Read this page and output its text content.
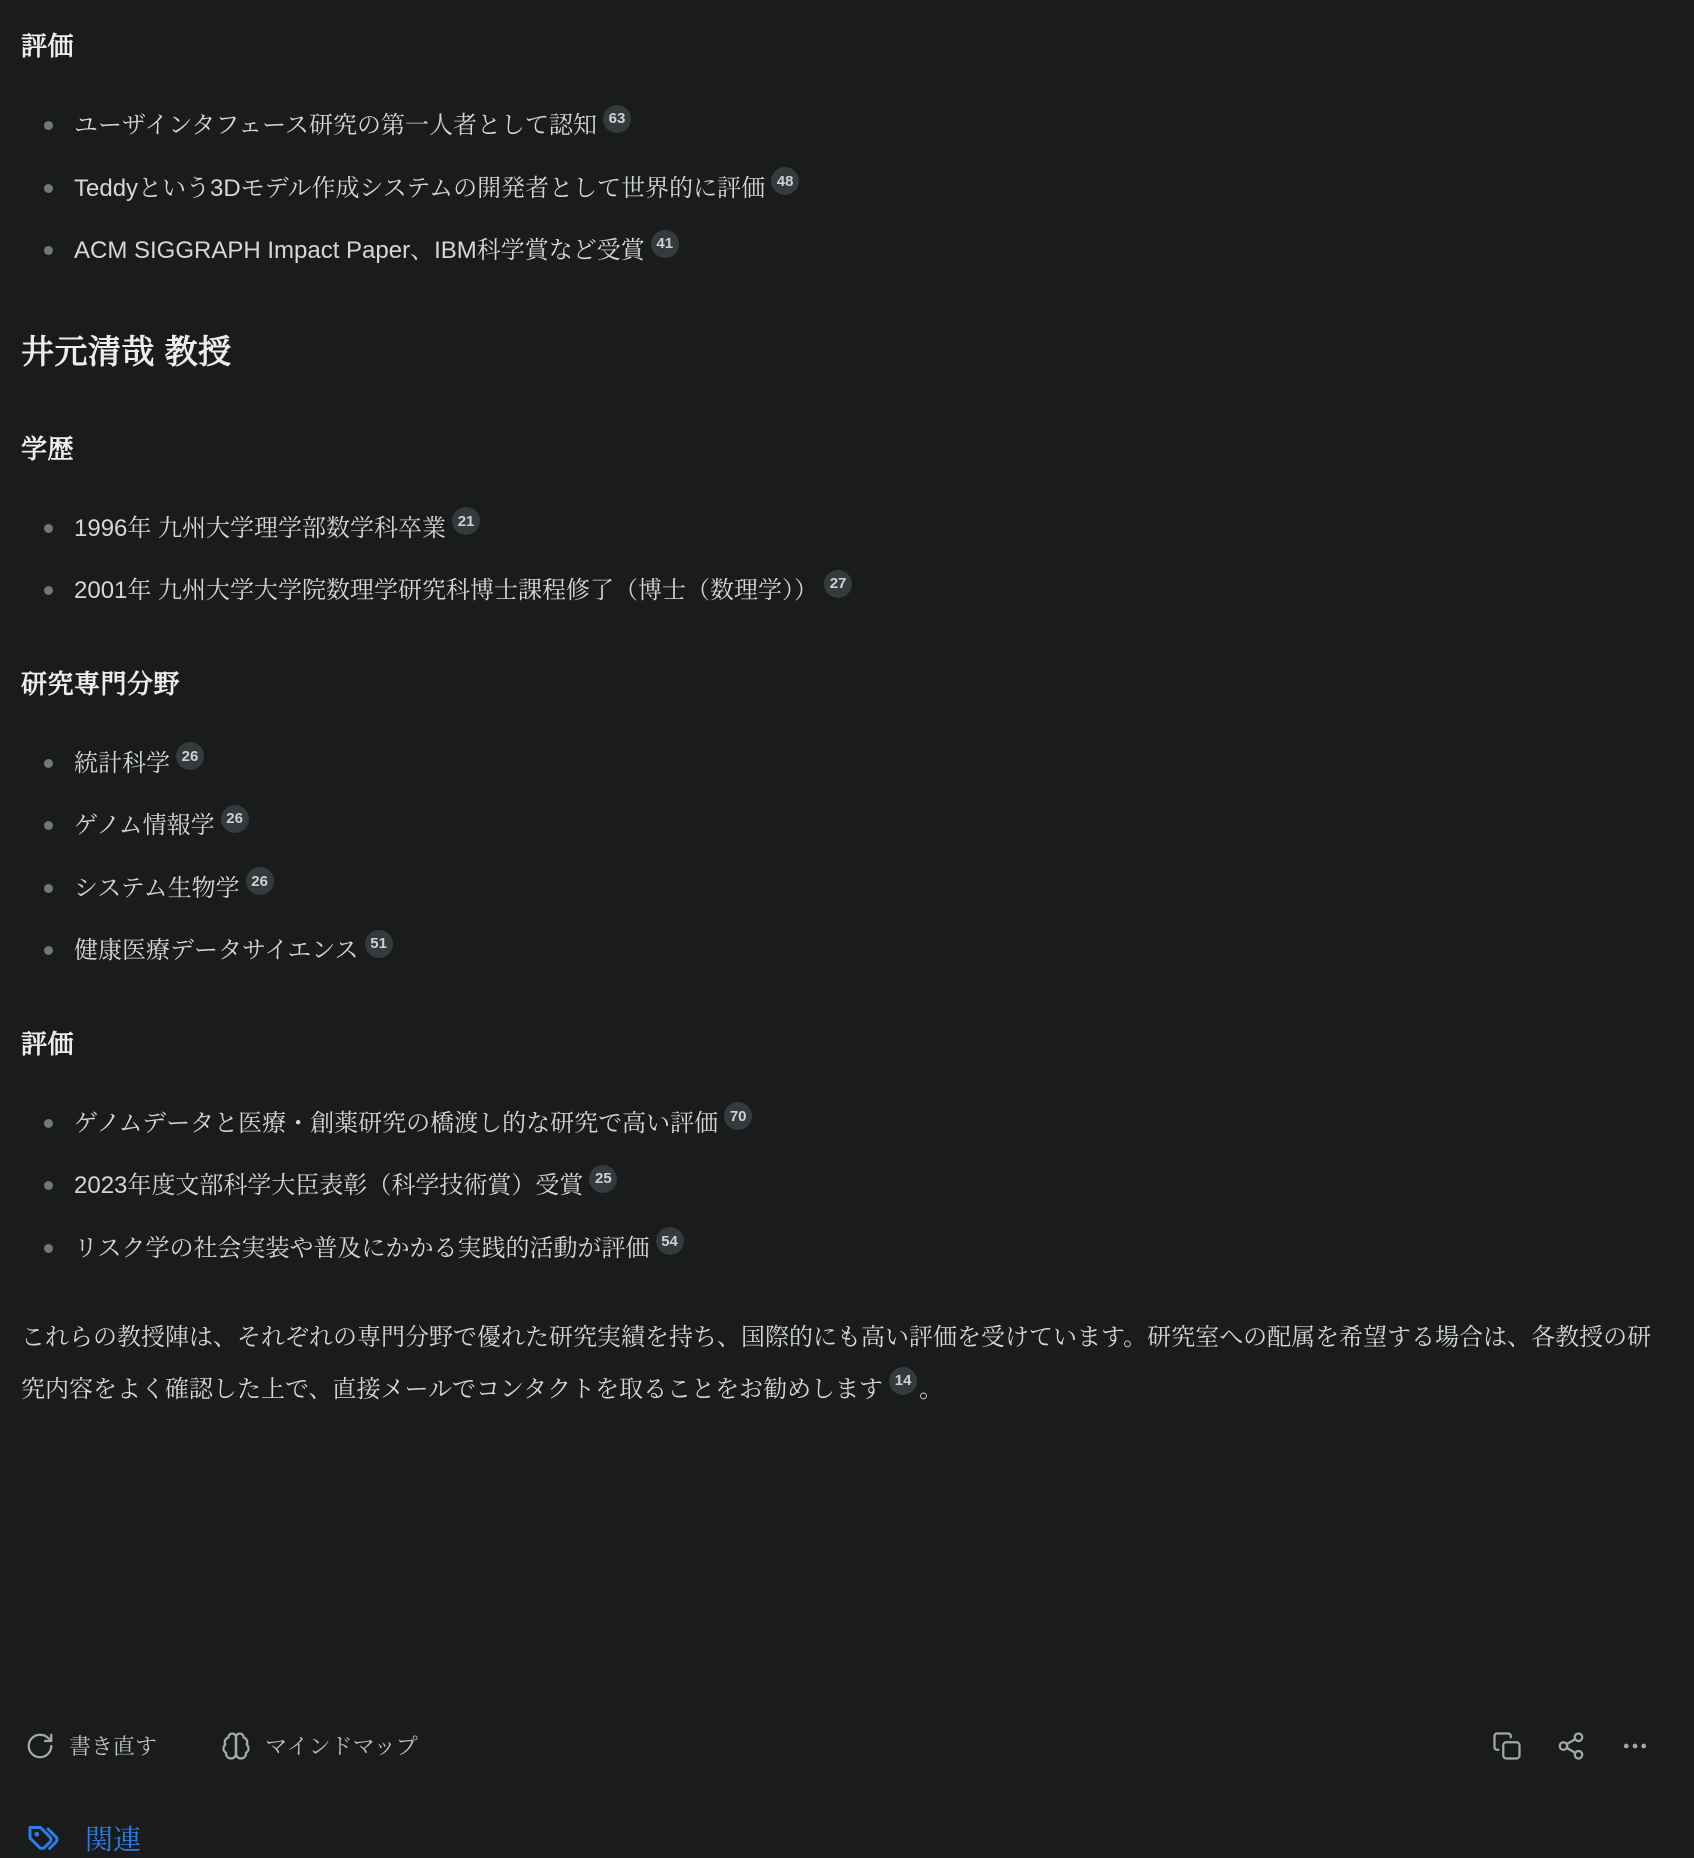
評価
ユーザインタフェース研究の第一人者として認知 63
Teddyという3Dモデル作成システムの開発者として世界的に評価 48
ACM SIGGRAPH Impact Paper、IBM科学賞など受賞 41
井元清哉 教授
学歴
1996年 九州大学理学部数学科卒業 21
2001年 九州大学大学院数理学研究科博士課程修了（博士（数理学）） 27
研究専門分野
統計科学 26
ゲノム情報学 26
システム生物学 26
健康医療データサイエンス 51
評価
ゲノムデータと医療・創薬研究の橋渡し的な研究で高い評価 70
2023年度文部科学大臣表彰（科学技術賞）受賞 25
リスク学の社会実装や普及にかかる実践的活動が評価 54

これらの教授陣は、それぞれの専門分野で優れた研究実績を持ち、国際的にも高い評価を受けています。研究室への配属を希望する場合は、各教授の研究内容をよく確認した上で、直接メールでコンタクトを取ることをお勧めします 14 。

書き直す	マインドマップ
関連
